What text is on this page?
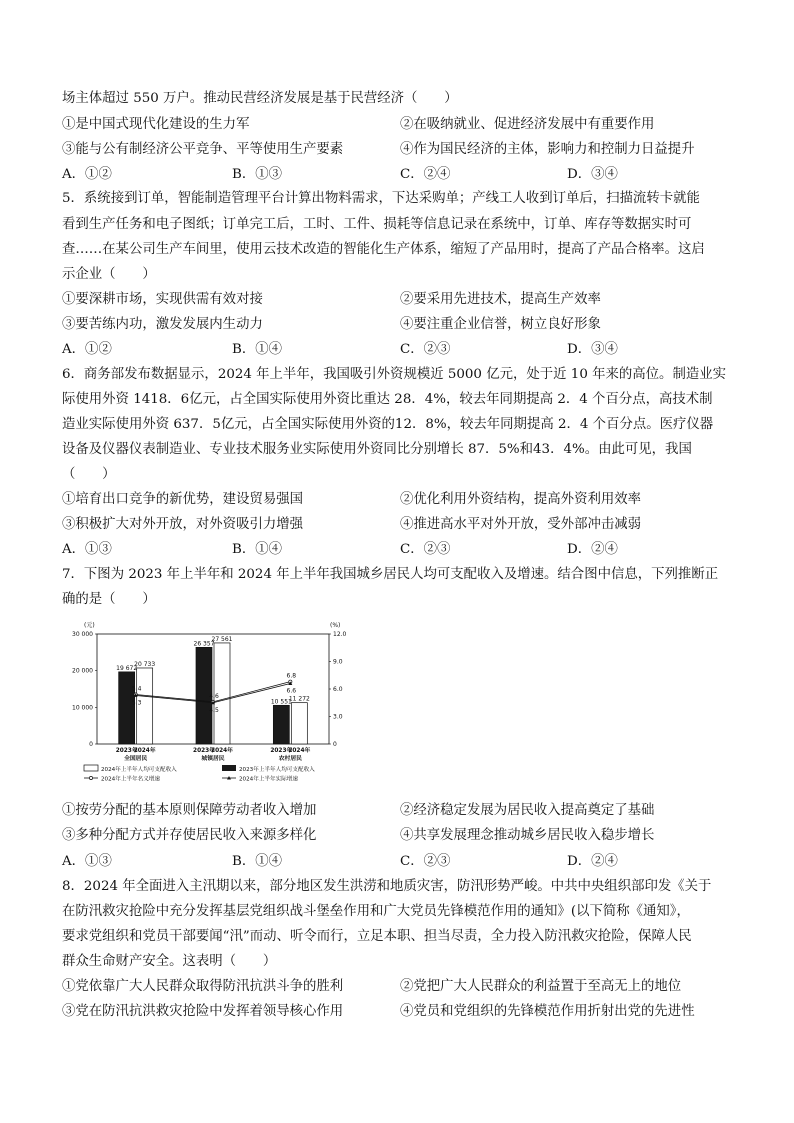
场主体超过 550 万户。推动民营经济发展是基于民营经济（　　）
①是中国式现代化建设的生力军	②在吸纳就业、促进经济发展中有重要作用
③能与公有制经济公平竞争、平等使用生产要素	④作为国民经济的主体，影响力和控制力日益提升
A．①②	B．①③	C．②④	D．③④
5．系统接到订单，智能制造管理平台计算出物料需求，下达采购单；产线工人收到订单后，扫描流转卡就能
看到生产任务和电子图纸；订单完工后，工时、工件、损耗等信息记录在系统中，订单、库存等数据实时可
查……在某公司生产车间里，使用云技术改造的智能化生产体系，缩短了产品用时，提高了产品合格率。这启
示企业（　　）
①要深耕市场，实现供需有效对接	②要采用先进技术，提高生产效率
③要苦练内功，激发发展内生动力	④要注重企业信誉，树立良好形象
A．①②	B．①④	C．②③	D．③④
6．商务部发布数据显示，2024 年上半年，我国吸引外资规模近 5000 亿元，处于近 10 年来的高位。制造业实
际使用外资 1418．6亿元，占全国实际使用外资比重达 28．4%，较去年同期提高 2．4 个百分点，高技术制
造业实际使用外资 637．5亿元，占全国实际使用外资的12．8%，较去年同期提高 2．4 个百分点。医疗仪器
设备及仪器仪表制造业、专业技术服务业实际使用外资同比分别增长 87．5%和43．4%。由此可见，我国
（　　）
①培育出口竞争的新优势，建设贸易强国	②优化利用外资结构，提高外资利用效率
③积极扩大对外开放，对外资吸引力增强	④推进高水平对外开放，受外部冲击减弱
A．①③	B．①④	C．②③	D．②④
7．下图为 2023 年上半年和 2024 年上半年我国城乡居民人均可支配收入及增速。结合图中信息，下列推断正
确的是（　　）
(元)	(%)
30 000
20 000
10 000
0
12.0
9.0
6.0
3.0
0
19 672
20 733
26 357
27 561
10 551
11 272
5.4
4.6
6.8
5.3
4.5
6.6
2023年
2024年
全国居民
2023年
2024年
城镇居民
2023年
2024年
农村居民
2024年上半年人均可支配收入	2023年上半年人均可支配收入
2024年上半年名义增速	2024年上半年实际增速
①按劳分配的基本原则保障劳动者收入增加	②经济稳定发展为居民收入提高奠定了基础
③多种分配方式并存使居民收入来源多样化	④共享发展理念推动城乡居民收入稳步增长
A．①③	B．①④	C．②③	D．②④
8．2024 年全面进入主汛期以来，部分地区发生洪涝和地质灾害，防汛形势严峻。中共中央组织部印发《关于
在防汛救灾抢险中充分发挥基层党组织战斗堡垒作用和广大党员先锋模范作用的通知》(以下简称《通知》，
要求党组织和党员干部要闻“汛”而动、听令而行，立足本职、担当尽责，全力投入防汛救灾抢险，保障人民
群众生命财产安全。这表明（　　）
①党依靠广大人民群众取得防汛抗洪斗争的胜利	②党把广大人民群众的利益置于至高无上的地位
③党在防汛抗洪救灾抢险中发挥着领导核心作用	④党员和党组织的先锋模范作用折射出党的先进性
